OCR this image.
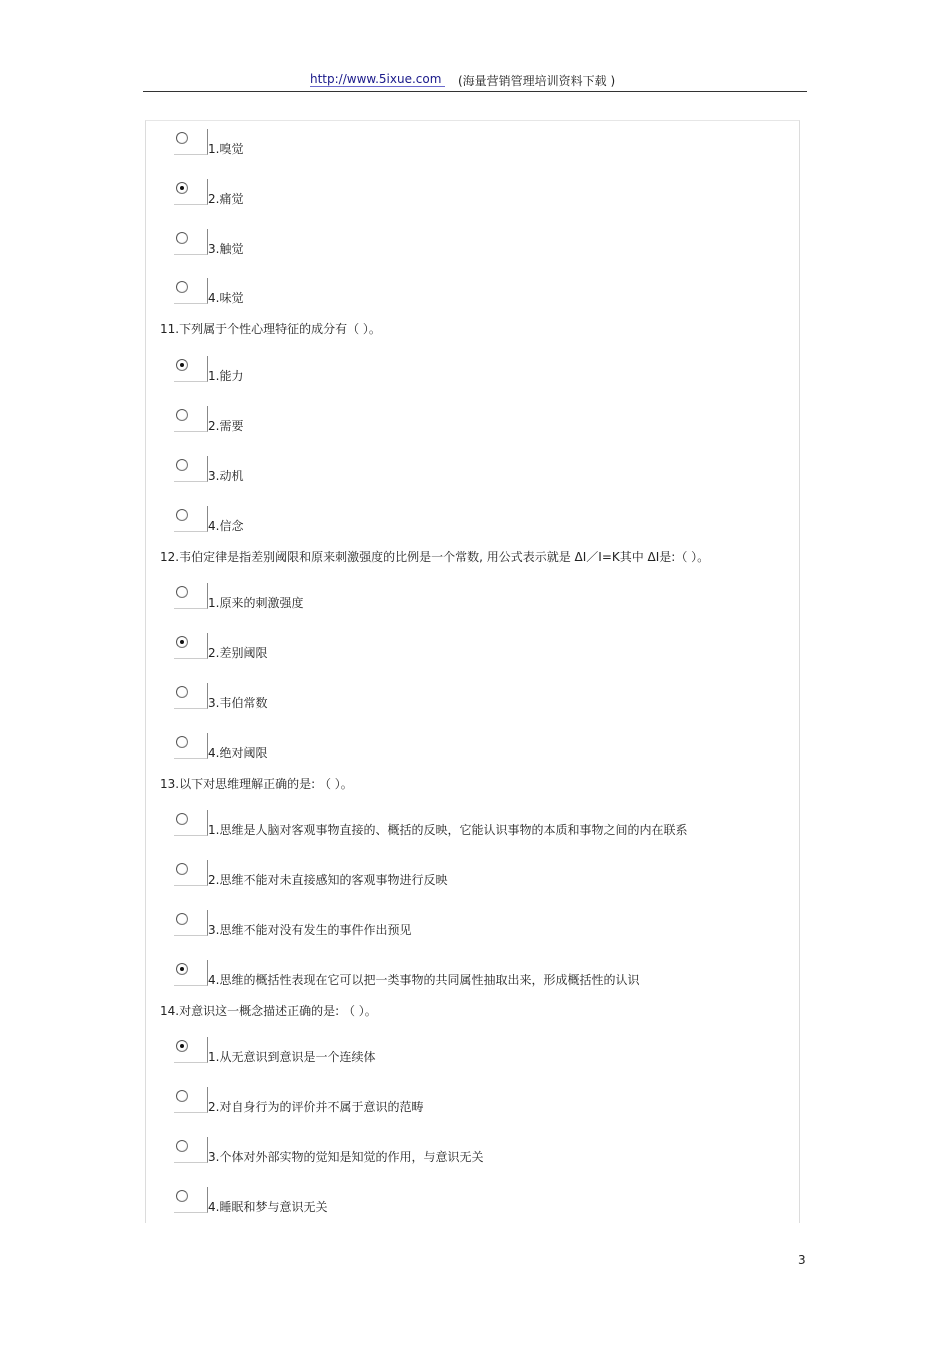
http://www.5ixue.com	(海量营销管理培训资料下载 )
1.嗅觉
2.痛觉
3.触觉
4.味觉
11.下列属于个性心理特征的成分有（ ）。
1.能力
2.需要
3.动机
4.信念
12.韦伯定律是指差别阈限和原来刺激强度的比例是一个常数, 用公式表示就是 ΔI／I=K其中 ΔI是:（ ）。
1.原来的刺激强度
2.差别阈限
3.韦伯常数
4.绝对阈限
13.以下对思维理解正确的是: （ ）。
1.思维是人脑对客观事物直接的、概括的反映，它能认识事物的本质和事物之间的内在联系
2.思维不能对未直接感知的客观事物进行反映
3.思维不能对没有发生的事件作出预见
4.思维的概括性表现在它可以把一类事物的共同属性抽取出来，形成概括性的认识
14.对意识这一概念描述正确的是: （ ）。
1.从无意识到意识是一个连续体
2.对自身行为的评价并不属于意识的范畴
3.个体对外部实物的觉知是知觉的作用，与意识无关
4.睡眠和梦与意识无关
3
